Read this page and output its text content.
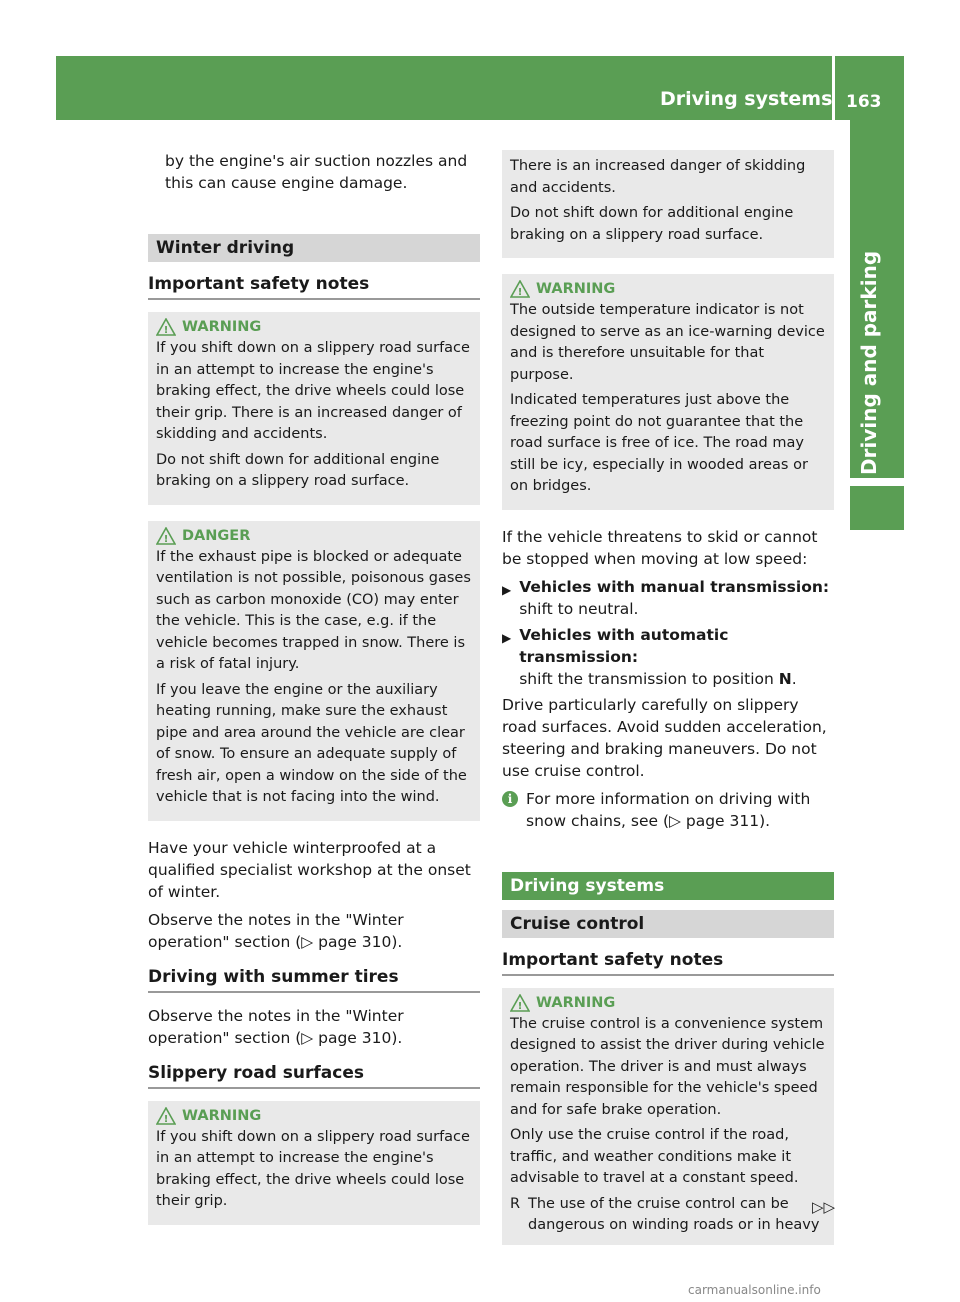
Driving systems 163
Driving and parking

by the engine's air suction nozzles and this can cause engine damage.

Winter driving
Important safety notes
! WARNING

If you shift down on a slippery road surface in an attempt to increase the engine's braking effect, the drive wheels could lose their grip. There is an increased danger of skidding and accidents.

Do not shift down for additional engine braking on a slippery road surface.

! DANGER

If the exhaust pipe is blocked or adequate ventilation is not possible, poisonous gases such as carbon monoxide (CO) may enter the vehicle. This is the case, e.g. if the vehicle becomes trapped in snow. There is a risk of fatal injury.

If you leave the engine or the auxiliary heating running, make sure the exhaust pipe and area around the vehicle are clear of snow. To ensure an adequate supply of fresh air, open a window on the side of the vehicle that is not facing into the wind.

Have your vehicle winterproofed at a qualified specialist workshop at the onset of winter.

Observe the notes in the "Winter operation" section (▷ page 310).

Driving with summer tires

Observe the notes in the "Winter operation" section (▷ page 310).

Slippery road surfaces
! WARNING

If you shift down on a slippery road surface in an attempt to increase the engine's braking effect, the drive wheels could lose their grip.

There is an increased danger of skidding and accidents.

Do not shift down for additional engine braking on a slippery road surface.

! WARNING

The outside temperature indicator is not designed to serve as an ice-warning device and is therefore unsuitable for that purpose.

Indicated temperatures just above the freezing point do not guarantee that the road surface is free of ice. The road may still be icy, especially in wooded areas or on bridges.

If the vehicle threatens to skid or cannot be stopped when moving at low speed:

▶ Vehicles with manual transmission:
shift to neutral.
▶ Vehicles with automatic transmission:
shift the transmission to position N.

Drive particularly carefully on slippery road surfaces. Avoid sudden acceleration, steering and braking maneuvers. Do not use cruise control.

i For more information on driving with snow chains, see (▷ page 311).
Driving systems
Cruise control
Important safety notes
! WARNING

The cruise control is a convenience system designed to assist the driver during vehicle operation. The driver is and must always remain responsible for the vehicle's speed and for safe brake operation.

Only use the cruise control if the road, traffic, and weather conditions make it advisable to travel at a constant speed.

R The use of the cruise control can be dangerous on winding roads or in heavy
▷▷
carmanualsonline.info
